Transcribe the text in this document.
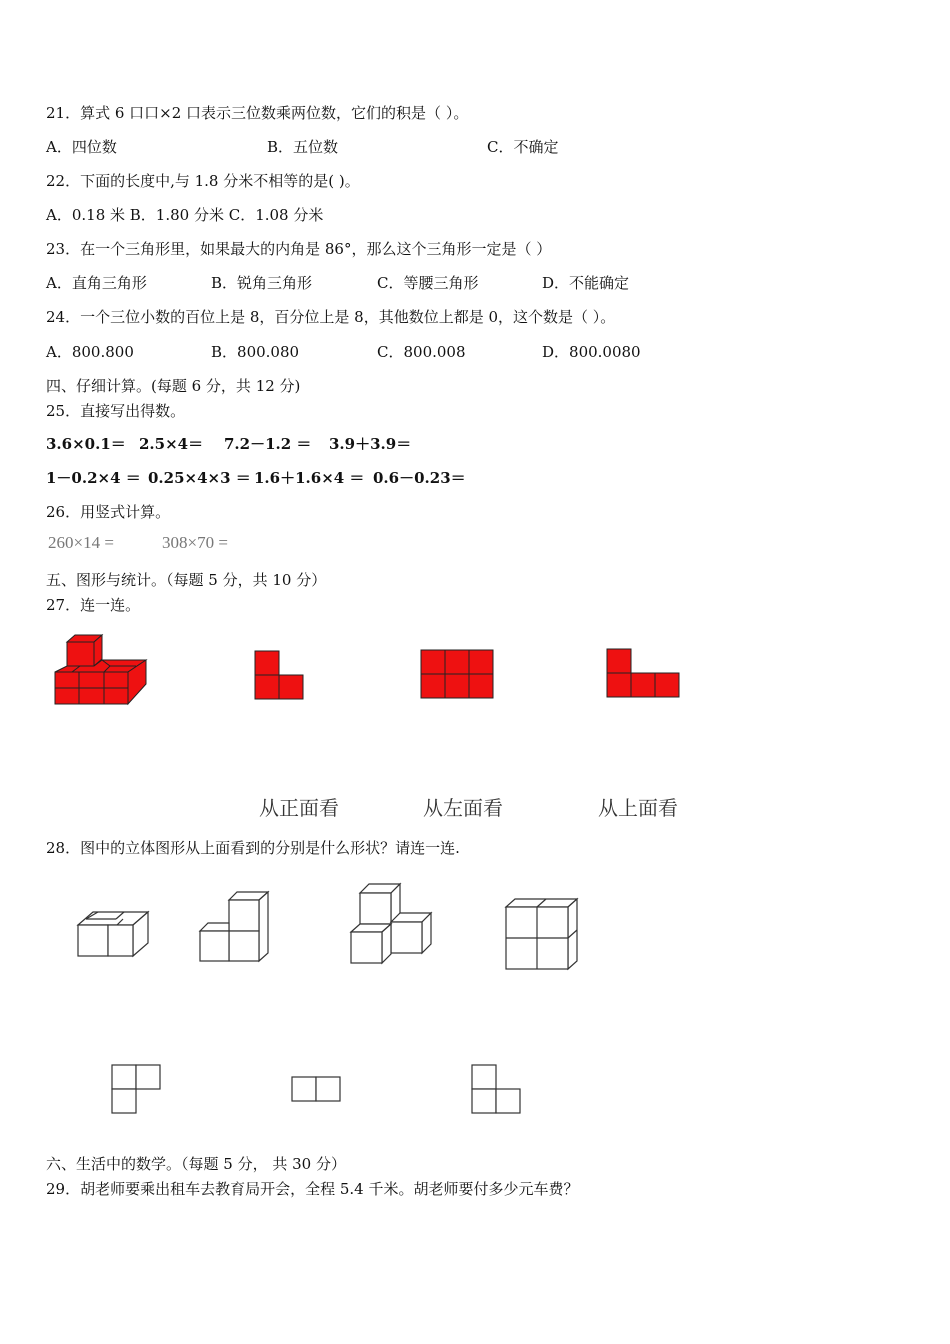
21．算式 6 口口×2 口表示三位数乘两位数，它们的积是（ ）。
A．四位数	B．五位数	C．不确定
22．下面的长度中,与 1.8 分米不相等的是( )。
A．0.18 米 B．1.80 分米 C．1.08 分米
23．在一个三角形里，如果最大的内角是 86°，那么这个三角形一定是（ ）
A．直角三角形	B．锐角三角形	C．等腰三角形	D．不能确定
24．一个三位小数的百位上是 8，百分位上是 8，其他数位上都是 0，这个数是（ ）。
A．800.800	B．800.080	C．800.008	D．800.0080
四、仔细计算。(每题 6 分，共 12 分)
25．直接写出得数。
3.6×0.1＝ 2.5×4＝ 7.2－1.2 ＝ 3.9＋3.9＝
1－0.2×4 ＝ 0.25×4×3 ＝ 1.6＋1.6×4 ＝ 0.6－0.23＝
26．用竖式计算。
260×14 =	308×70 =
五、图形与统计。（每题 5 分，共 10 分）
27．连一连。
从正面看	从左面看	从上面看
28．图中的立体图形从上面看到的分别是什么形状？请连一连.
六、生活中的数学。（每题 5 分， 共 30 分）
29．胡老师要乘出租车去教育局开会，全程 5.4 千米。胡老师要付多少元车费？
